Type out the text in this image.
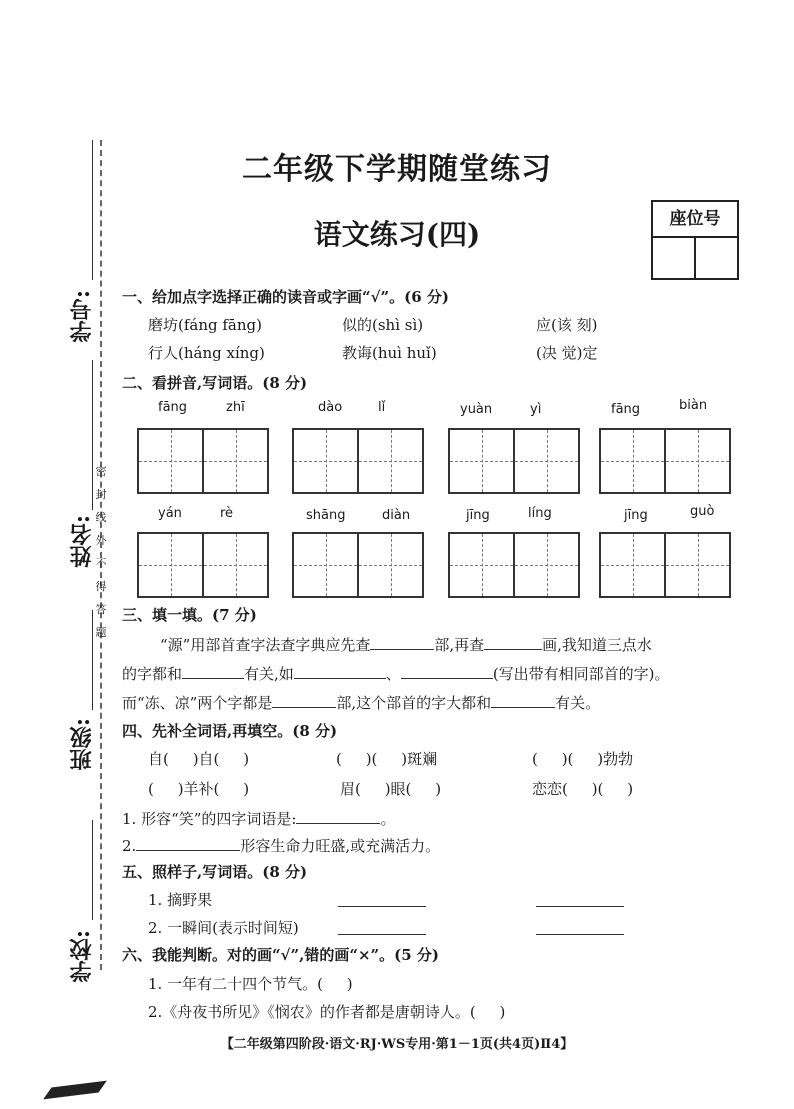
二年级下学期随堂练习
语文练习(四)	座位号
学号:
姓名:
班级:
学校:
密
封
线
外
不
得
答
题
一、给加点字选择正确的读音或字画“√”。(6 分)
磨坊(fáng fāng)	似的(shì sì)	应(该 刻)
行人(háng xíng)	教诲(huì huǐ)	(决 觉)定
二、看拼音,写词语。(8 分)
fāng	zhī	dào	lǐ	yuàn	yì	fāng	biàn
yán	rè	shāng	diàn	jīng	líng	jīng	guò
三、填一填。(7 分)
“源”用部首查字法查字典应先查	部,再查	画,我知道三点水
的字都和	有关,如	、	(写出带有相同部首的字)。
而“冻、凉”两个字都是	部,这个部首的字大都和	有关。
四、先补全词语,再填空。(8 分)
自(     )自(     )	(     )(     )斑斓	(     )(     )勃勃
(     )羊补(     )	眉(     )眼(     )	恋恋(     )(     )
1. 形容“笑”的四字词语是:	。
2.	形容生命力旺盛,或充满活力。
五、照样子,写词语。(8 分)
1. 摘野果
2. 一瞬间(表示时间短)
六、我能判断。对的画“√”,错的画“×”。(5 分)
1. 一年有二十四个节气。(     )
2.《舟夜书所见》《悯农》的作者都是唐朝诗人。(     )
【二年级第四阶段·语文·RJ·WS专用·第1－1页(共4页)Ⅱ4】
